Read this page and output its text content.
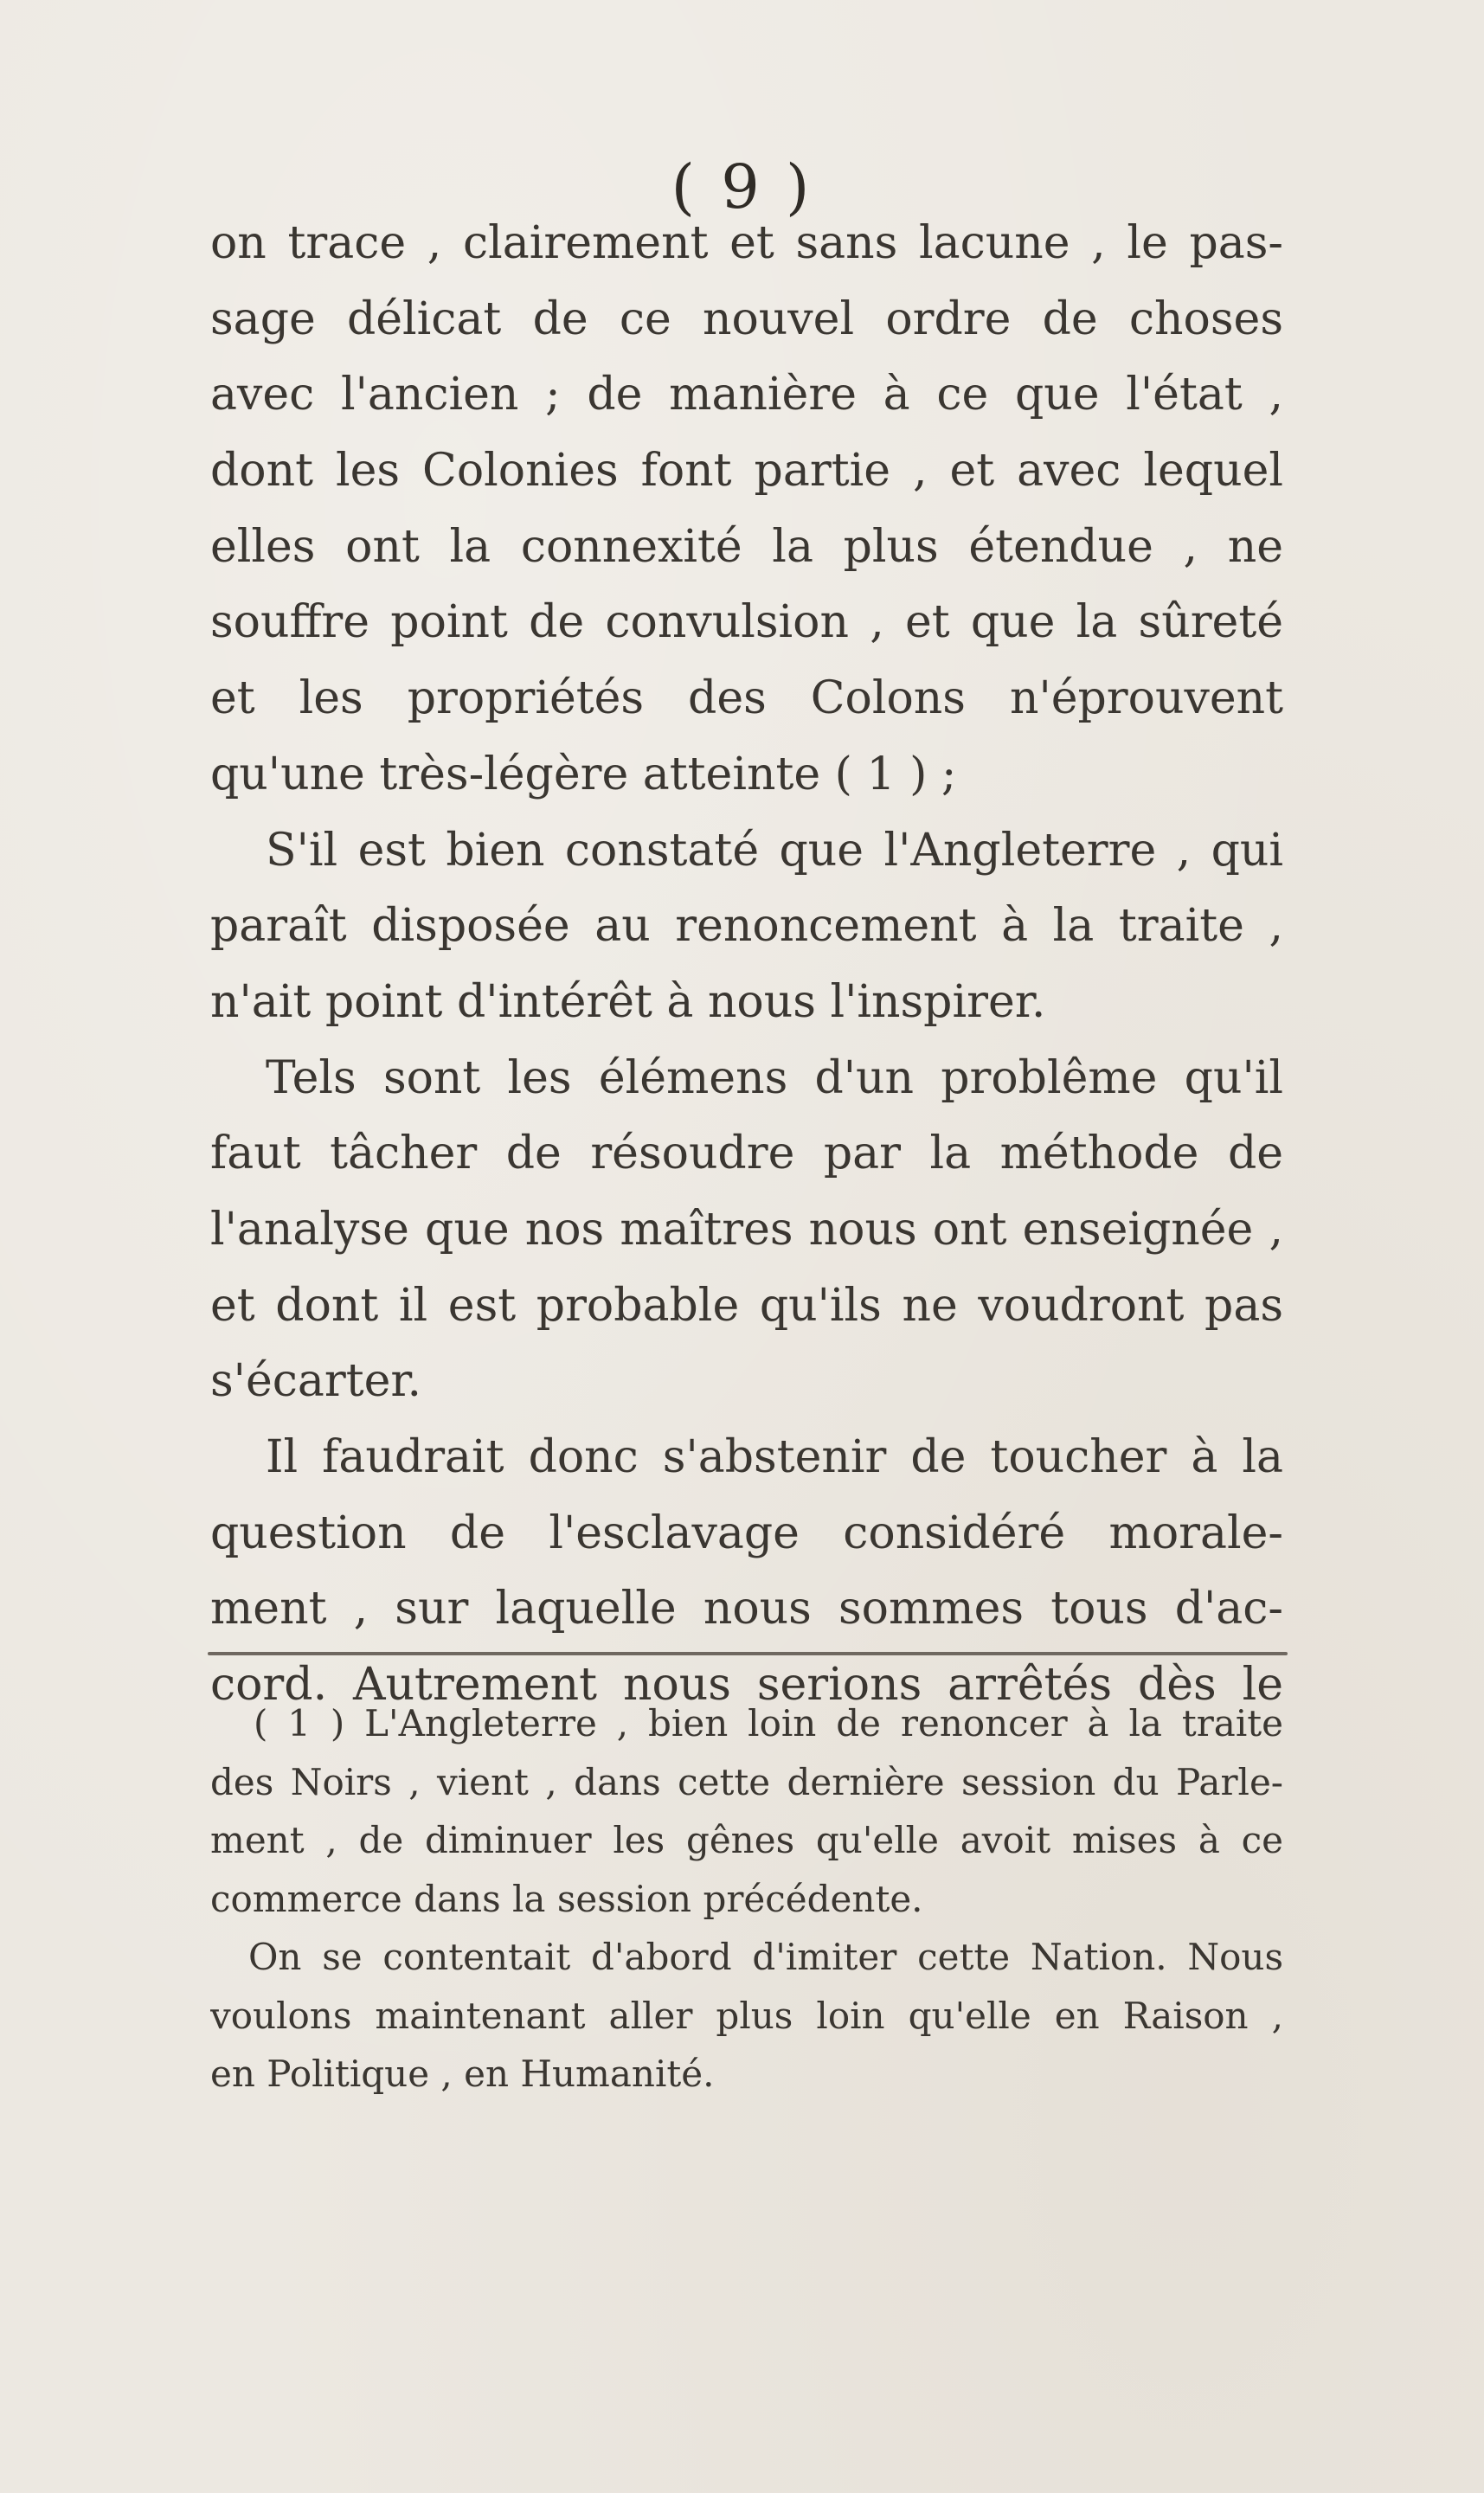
( 9 )
on trace , clairement et sans lacune , le pas-
sage délicat de ce nouvel ordre de choses
avec l'ancien ; de manière à ce que l'état ,
dont les Colonies font partie , et avec lequel
elles ont la connexité la plus étendue , ne
souffre point de convulsion , et que la sûreté
et les propriétés des Colons n'éprouvent
qu'une très-légère atteinte ( 1 ) ;
S'il est bien constaté que l'Angleterre , qui
paraît disposée au renoncement à la traite ,
n'ait point d'intérêt à nous l'inspirer.
Tels sont les élémens d'un problême qu'il
faut tâcher de résoudre par la méthode de
l'analyse que nos maîtres nous ont enseignée ,
et dont il est probable qu'ils ne voudront pas
s'écarter.
Il faudrait donc s'abstenir de toucher à la
question de l'esclavage considéré morale-
ment , sur laquelle nous sommes tous d'ac-
cord. Autrement nous serions arrêtés dès le
( 1 ) L'Angleterre , bien loin de renoncer à la traite
des Noirs , vient , dans cette dernière session du Parle-
ment , de diminuer les gênes qu'elle avoit mises à ce
commerce dans la session précédente.
On se contentait d'abord d'imiter cette Nation. Nous
voulons maintenant aller plus loin qu'elle en Raison ,
en Politique , en Humanité.
